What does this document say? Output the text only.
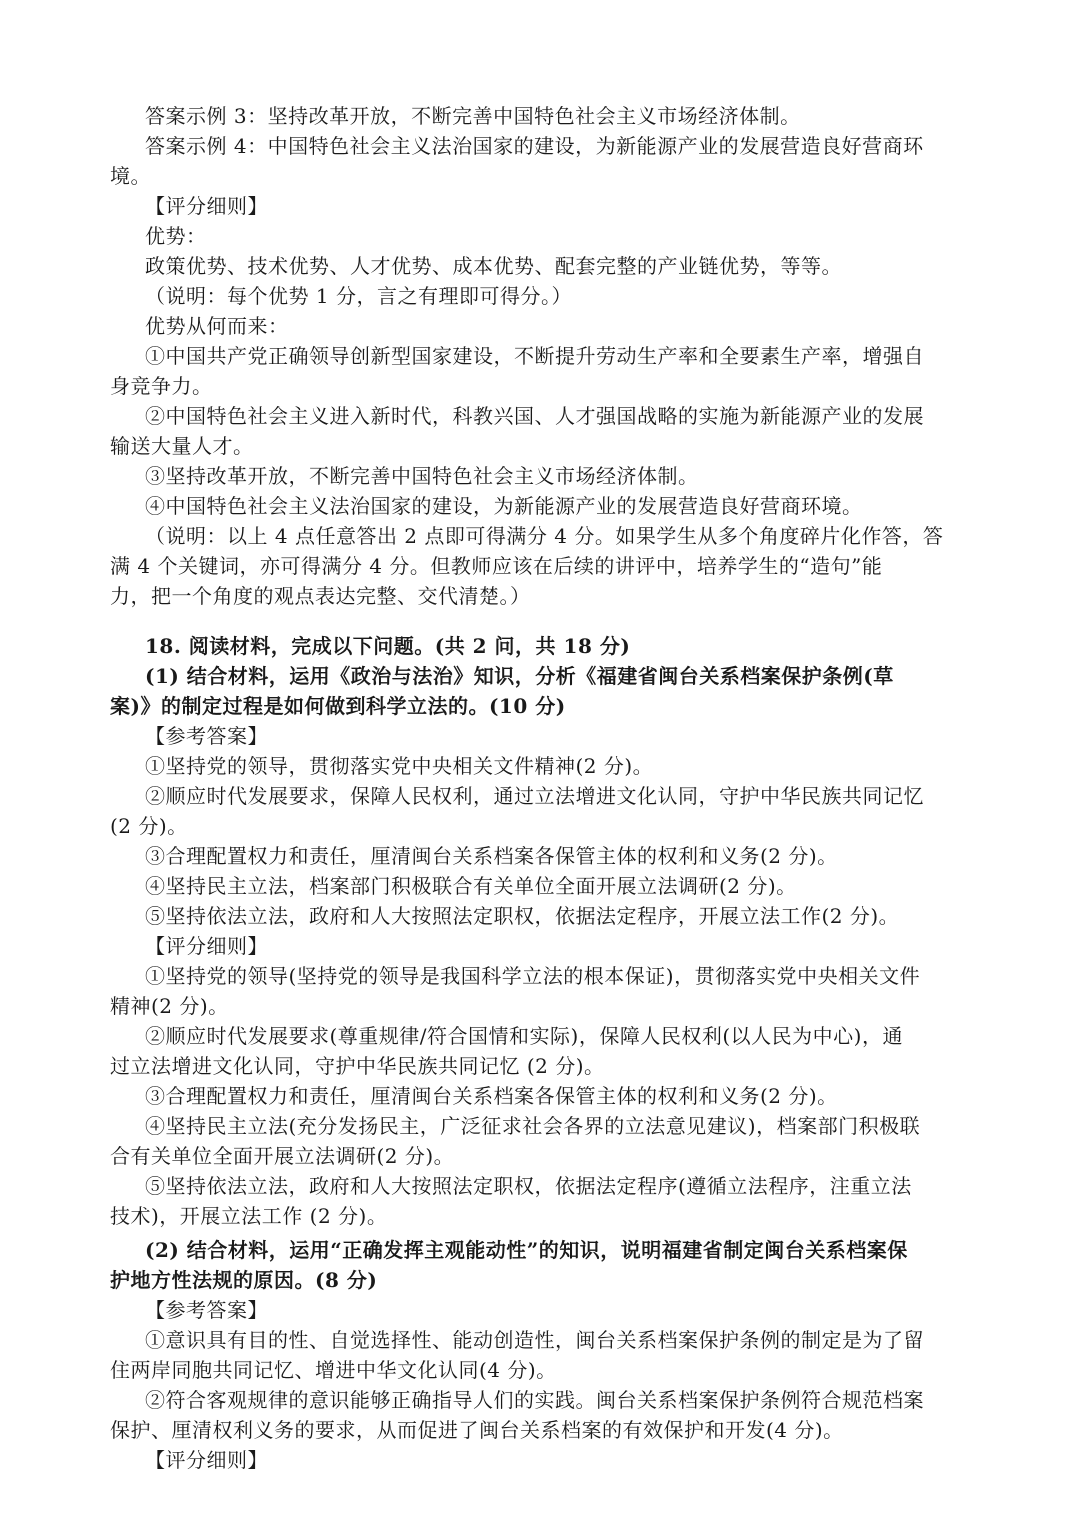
答案示例 3：坚持改革开放，不断完善中国特色社会主义市场经济体制。
答案示例 4：中国特色社会主义法治国家的建设，为新能源产业的发展营造良好营商环
境。
【评分细则】
优势：
政策优势、技术优势、人才优势、成本优势、配套完整的产业链优势，等等。
（说明：每个优势 1 分，言之有理即可得分。）
优势从何而来：
①中国共产党正确领导创新型国家建设，不断提升劳动生产率和全要素生产率，增强自
身竞争力。
②中国特色社会主义进入新时代，科教兴国、人才强国战略的实施为新能源产业的发展
输送大量人才。
③坚持改革开放，不断完善中国特色社会主义市场经济体制。
④中国特色社会主义法治国家的建设，为新能源产业的发展营造良好营商环境。
（说明：以上 4 点任意答出 2 点即可得满分 4 分。如果学生从多个角度碎片化作答，答
满 4 个关键词，亦可得满分 4 分。但教师应该在后续的讲评中，培养学生的“造句”能
力，把一个角度的观点表达完整、交代清楚。）
18. 阅读材料，完成以下问题。(共 2 问，共 18 分)
(1) 结合材料，运用《政治与法治》知识，分析《福建省闽台关系档案保护条例(草
案)》的制定过程是如何做到科学立法的。(10 分)
【参考答案】
①坚持党的领导，贯彻落实党中央相关文件精神(2 分)。
②顺应时代发展要求，保障人民权利，通过立法增进文化认同，守护中华民族共同记忆
(2 分)。
③合理配置权力和责任，厘清闽台关系档案各保管主体的权利和义务(2 分)。
④坚持民主立法，档案部门积极联合有关单位全面开展立法调研(2 分)。
⑤坚持依法立法，政府和人大按照法定职权，依据法定程序，开展立法工作(2 分)。
【评分细则】
①坚持党的领导(坚持党的领导是我国科学立法的根本保证)，贯彻落实党中央相关文件
精神(2 分)。
②顺应时代发展要求(尊重规律/符合国情和实际)，保障人民权利(以人民为中心)，通
过立法增进文化认同，守护中华民族共同记忆 (2 分)。
③合理配置权力和责任，厘清闽台关系档案各保管主体的权利和义务(2 分)。
④坚持民主立法(充分发扬民主，广泛征求社会各界的立法意见建议)，档案部门积极联
合有关单位全面开展立法调研(2 分)。
⑤坚持依法立法，政府和人大按照法定职权，依据法定程序(遵循立法程序，注重立法
技术)，开展立法工作 (2 分)。
(2) 结合材料，运用“正确发挥主观能动性”的知识，说明福建省制定闽台关系档案保
护地方性法规的原因。(8 分)
【参考答案】
①意识具有目的性、自觉选择性、能动创造性，闽台关系档案保护条例的制定是为了留
住两岸同胞共同记忆、增进中华文化认同(4 分)。
②符合客观规律的意识能够正确指导人们的实践。闽台关系档案保护条例符合规范档案
保护、厘清权利义务的要求，从而促进了闽台关系档案的有效保护和开发(4 分)。
【评分细则】
